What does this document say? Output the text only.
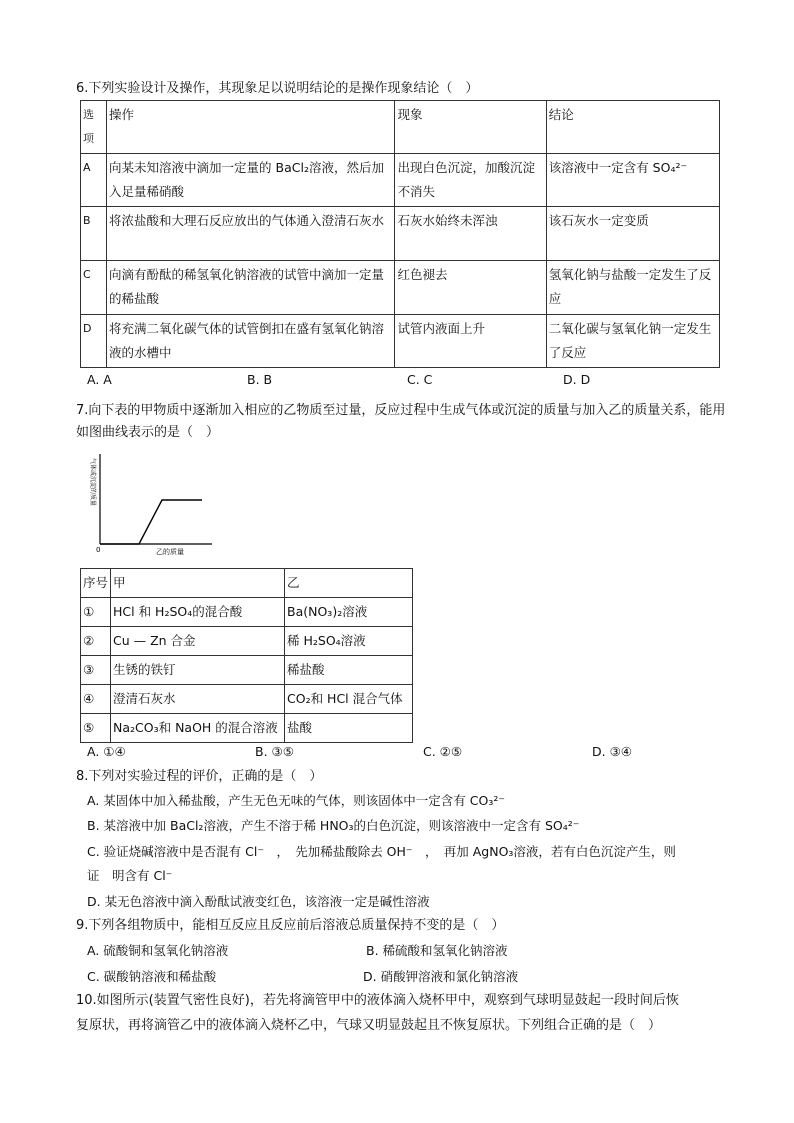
6.下列实验设计及操作，其现象足以说明结论的是操作现象结论（　）
选项	操作	现象	结论
A	向某未知溶液中滴加一定量的 BaCl₂溶液，然后加入足量稀硝酸	出现白色沉淀，加酸沉淀不消失	该溶液中一定含有 SO₄²⁻
B	将浓盐酸和大理石反应放出的气体通入澄清石灰水	石灰水始终未浑浊	该石灰水一定变质
C	向滴有酚酞的稀氢氧化钠溶液的试管中滴加一定量的稀盐酸	红色褪去	氢氧化钠与盐酸一定发生了反应
D	将充满二氧化碳气体的试管倒扣在盛有氢氧化钠溶液的水槽中	试管内液面上升	二氧化碳与氢氧化钠一定发生了反应
A. A	B. B	C. C	D. D
7.向下表的甲物质中逐渐加入相应的乙物质至过量，反应过程中生成气体或沉淀的质量与加入乙的质量关系，能用如图曲线表示的是（　）
0	乙的质量
气体或沉淀的质量
序号	甲	乙
①	HCl 和 H₂SO₄的混合酸	Ba(NO₃)₂溶液
②	Cu — Zn 合金	稀 H₂SO₄溶液
③	生锈的铁钉	稀盐酸
④	澄清石灰水	CO₂和 HCl 混合气体
⑤	Na₂CO₃和 NaOH 的混合溶液	盐酸
A. ①④	B. ③⑤	C. ②⑤	D. ③④
8.下列对实验过程的评价，正确的是（　）
A. 某固体中加入稀盐酸，产生无色无味的气体，则该固体中一定含有 CO₃²⁻
B. 某溶液中加 BaCl₂溶液，产生不溶于稀 HNO₃的白色沉淀，则该溶液中一定含有 SO₄²⁻
C. 验证烧碱溶液中是否混有 Cl⁻　，　先加稀盐酸除去 OH⁻　，　再加 AgNO₃溶液，若有白色沉淀产生，则
证　明含有 Cl⁻
D. 某无色溶液中滴入酚酞试液变红色，该溶液一定是碱性溶液
9.下列各组物质中，能相互反应且反应前后溶液总质量保持不变的是（　）
A. 硫酸铜和氢氧化钠溶液	B. 稀硫酸和氢氧化钠溶液
C. 碳酸钠溶液和稀盐酸	D. 硝酸钾溶液和氯化钠溶液
10.如图所示(装置气密性良好)，若先将滴管甲中的液体滴入烧杯甲中，观察到气球明显鼓起一段时间后恢
复原状，再将滴管乙中的液体滴入烧杯乙中，气球又明显鼓起且不恢复原状。下列组合正确的是（　）
